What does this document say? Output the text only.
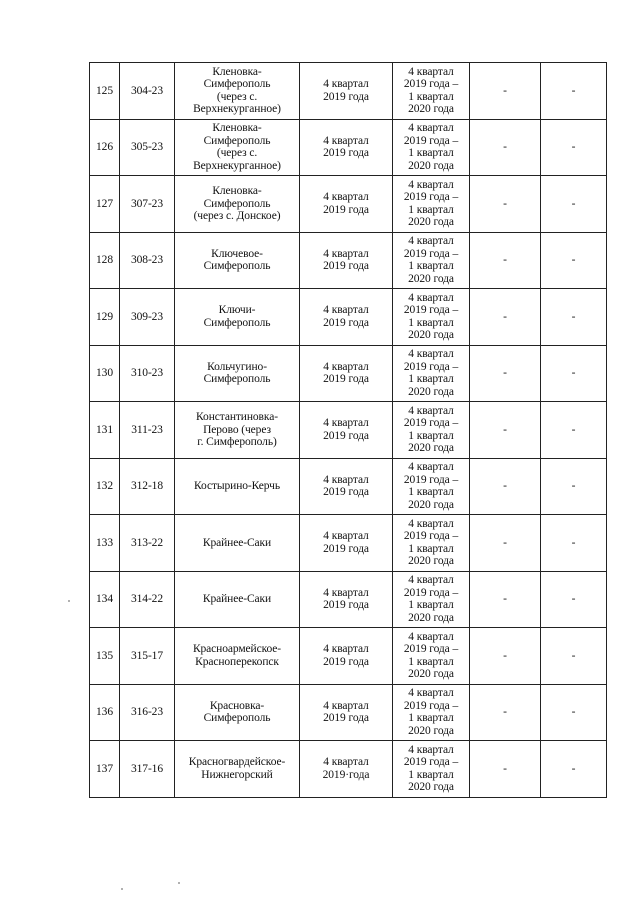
125	304-23	Кленовка-
Симферополь
(через с.
Верхнекурганное)	4 квартал
2019 года	4 квартал
2019 года –
1 квартал
2020 года	-	-
126	305-23	Кленовка-
Симферополь
(через с.
Верхнекурганное)	4 квартал
2019 года	4 квартал
2019 года –
1 квартал
2020 года	-	-
127	307-23	Кленовка-
Симферополь
(через с. Донское)	4 квартал
2019 года	4 квартал
2019 года –
1 квартал
2020 года	-	-
128	308-23	Ключевое-
Симферополь	4 квартал
2019 года	4 квартал
2019 года –
1 квартал
2020 года	-	-
129	309-23	Ключи-
Симферополь	4 квартал
2019 года	4 квартал
2019 года –
1 квартал
2020 года	-	-
130	310-23	Кольчугино-
Симферополь	4 квартал
2019 года	4 квартал
2019 года –
1 квартал
2020 года	-	-
131	311-23	Константиновка-
Перово (через
г. Симферополь)	4 квартал
2019 года	4 квартал
2019 года –
1 квартал
2020 года	-	-
132	312-18	Костырино-Керчь	4 квартал
2019 года	4 квартал
2019 года –
1 квартал
2020 года	-	-
133	313-22	Крайнее-Саки	4 квартал
2019 года	4 квартал
2019 года –
1 квартал
2020 года	-	-
134	314-22	Крайнее-Саки	4 квартал
2019 года	4 квартал
2019 года –
1 квартал
2020 года	-	-
135	315-17	Красноармейское-
Красноперекопск	4 квартал
2019 года	4 квартал
2019 года –
1 квартал
2020 года	-	-
136	316-23	Красновка-
Симферополь	4 квартал
2019 года	4 квартал
2019 года –
1 квартал
2020 года	-	-
137	317-16	Красногвардейское-
Нижнегорский	4 квартал
2019·года	4 квартал
2019 года –
1 квартал
2020 года	-	-
